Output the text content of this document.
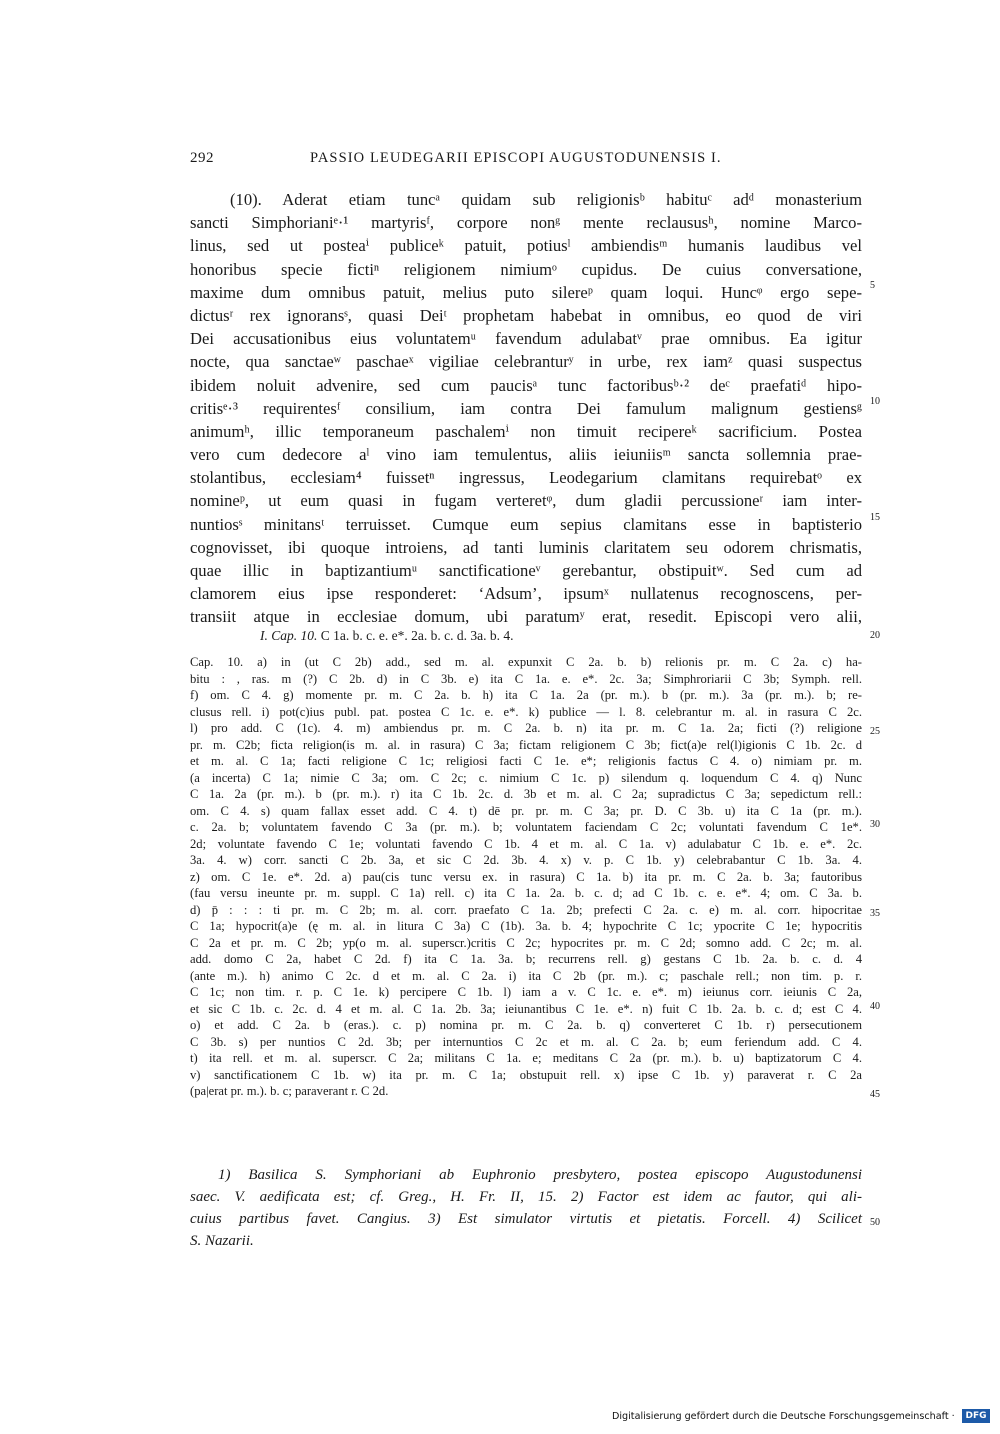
292	PASSIO LEUDEGARII EPISCOPI AUGUSTODUNENSIS I.
(10). Aderat etiam tuncᵃ quidam sub religionisᵇ habituᶜ adᵈ monasterium
sancti Simphorianiᵉ·¹ martyrisᶠ, corpore nonᵍ mente reclaususʰ, nomine Marco-
linus, sed ut posteaⁱ publiceᵏ patuit, potiusˡ ambiendisᵐ humanis laudibus vel
honoribus specie fictiⁿ religionem nimiumᵒ cupidus. De cuius conversatione,
maxime dum omnibus patuit, melius puto silereᵖ quam loqui. Huncᵠ ergo sepe-
dictusʳ rex ignoransˢ, quasi Deiᵗ prophetam habebat in omnibus, eo quod de viri
Dei accusationibus eius voluntatemᵘ favendum adulabatᵛ prae omnibus. Ea igitur
nocte, qua sanctaeʷ paschaeˣ vigiliae celebranturʸ in urbe, rex iamᶻ quasi suspectus
ibidem noluit advenire, sed cum paucisᵃ tunc factoribusᵇ·² deᶜ praefatiᵈ hipo-
critisᵉ·³ requirentesᶠ consilium, iam contra Dei famulum malignum gestiensᵍ
animumʰ, illic temporaneum paschalemⁱ non timuit recipereᵏ sacrificium. Postea
vero cum dedecore aˡ vino iam temulentus, aliis ieiuniisᵐ sancta sollemnia prae-
stolantibus, ecclesiam⁴ fuissetⁿ ingressus, Leodegarium clamitans requirebatᵒ ex
nomineᵖ, ut eum quasi in fugam verteretᵠ, dum gladii percussioneʳ iam inter-
nuntiosˢ minitansᵗ terruisset. Cumque eum sepius clamitans esse in baptisterio
cognovisset, ibi quoque introiens, ad tanti luminis claritatem seu odorem chrismatis,
quae illic in baptizantiumᵘ sanctificationeᵛ gerebantur, obstipuitʷ. Sed cum ad
clamorem eius ipse responderet: ‘Adsum’, ipsumˣ nullatenus recognoscens, per-
transiit atque in ecclesiae domum, ubi paratumʸ erat, resedit. Episcopi vero alii,
I. Cap. 10. C 1a. b. c. e. e*. 2a. b. c. d. 3a. b. 4.
Cap. 10. a) in (ut C 2b) add., sed m. al. expunxit C 2a. b. b) relionis pr. m. C 2a. c) ha-
bitu : , ras. m (?) C 2b. d) in C 3b. e) ita C 1a. e. e*. 2c. 3a; Simphroriarii C 3b; Symph. rell.
f) om. C 4. g) momente pr. m. C 2a. b. h) ita C 1a. 2a (pr. m.). b (pr. m.). 3a (pr. m.). b; re-
clusus rell. i) pot(c)ius publ. pat. postea C 1c. e. e*. k) publice — l. 8. celebrantur m. al. in rasura C 2c.
l) pro add. C (1c). 4. m) ambiendus pr. m. C 2a. b. n) ita pr. m. C 1a. 2a; ficti (?) religione
pr. m. C2b; ficta religion(is m. al. in rasura) C 3a; fictam religionem C 3b; fict(a)e rel(l)igionis C 1b. 2c. d
et m. al. C 1a; facti religione C 1c; religiosi facti C 1e. e*; religionis factus C 4. o) nimiam pr. m.
(a incerta) C 1a; nimie C 3a; om. C 2c; c. nimium C 1c. p) silendum q. loquendum C 4. q) Nunc
C 1a. 2a (pr. m.). b (pr. m.). r) ita C 1b. 2c. d. 3b et m. al. C 2a; supradictus C 3a; sepedictum rell.:
om. C 4. s) quam fallax esset add. C 4. t) dē pr. pr. m. C 3a; pr. D. C 3b. u) ita C 1a (pr. m.).
c. 2a. b; voluntatem favendo C 3a (pr. m.). b; voluntatem faciendam C 2c; voluntati favendum C 1e*.
2d; voluntate favendo C 1e; voluntati favendo C 1b. 4 et m. al. C 1a. v) adulabatur C 1b. e. e*. 2c.
3a. 4. w) corr. sancti C 2b. 3a, et sic C 2d. 3b. 4. x) v. p. C 1b. y) celebrabantur C 1b. 3a. 4.
z) om. C 1e. e*. 2d. a) pau(cis tunc versu ex. in rasura) C 1a. b) ita pr. m. C 2a. b. 3a; fautoribus
(fau versu ineunte pr. m. suppl. C 1a) rell. c) ita C 1a. 2a. b. c. d; ad C 1b. c. e. e*. 4; om. C 3a. b.
d) p̄ : : : ti pr. m. C 2b; m. al. corr. praefato C 1a. 2b; prefecti C 2a. c. e) m. al. corr. hipocritae
C 1a; hypocrit(a)e (ę m. al. in litura C 3a) C (1b). 3a. b. 4; hypochrite C 1c; ypocrite C 1e; hypocritis
C 2a et pr. m. C 2b; yp(o m. al. superscr.)critis C 2c; hypocrites pr. m. C 2d; somno add. C 2c; m. al.
add. domo C 2a, habet C 2d. f) ita C 1a. 3a. b; recurrens rell. g) gestans C 1b. 2a. b. c. d. 4
(ante m.). h) animo C 2c. d et m. al. C 2a. i) ita C 2b (pr. m.). c; paschale rell.; non tim. p. r.
C 1c; non tim. r. p. C 1e. k) percipere C 1b. l) iam a v. C 1c. e. e*. m) ieiunus corr. ieiunis C 2a,
et sic C 1b. c. 2c. d. 4 et m. al. C 1a. 2b. 3a; ieiunantibus C 1e. e*. n) fuit C 1b. 2a. b. c. d; est C 4.
o) et add. C 2a. b (eras.). c. p) nomina pr. m. C 2a. b. q) converteret C 1b. r) persecutionem
C 3b. s) per nuntios C 2d. 3b; per internuntios C 2c et m. al. C 2a. b; eum feriendum add. C 4.
t) ita rell. et m. al. superscr. C 2a; militans C 1a. e; meditans C 2a (pr. m.). b. u) baptizatorum C 4.
v) sanctificationem C 1b. w) ita pr. m. C 1a; obstupuit rell. x) ipse C 1b. y) paraverat r. C 2a
(pa|erat pr. m.). b. c; paraverant r. C 2d.
1) Basilica S. Symphoriani ab Euphronio presbytero, postea episcopo Augustodunensi
saec. V. aedificata est; cf. Greg., H. Fr. II, 15. 2) Factor est idem ac fautor, qui ali-
cuius partibus favet. Cangius. 3) Est simulator virtutis et pietatis. Forcell. 4) Scilicet
S. Nazarii.
5
10
15
20
25
30
35
40
45
50
Digitalisierung gefördert durch die Deutsche Forschungsgemeinschaft ·	DFG
